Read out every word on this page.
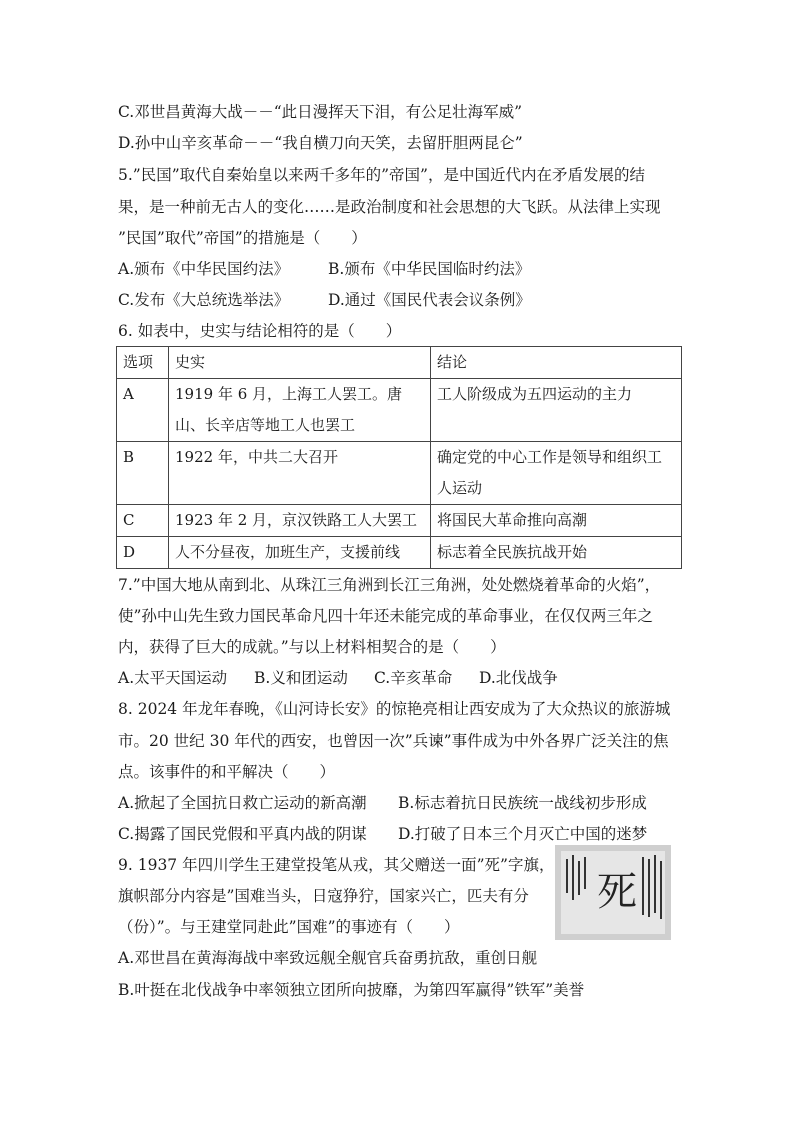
C.邓世昌黄海大战－－“此日漫挥天下泪，有公足壮海军威”
D.孙中山辛亥革命－－“我自横刀向天笑，去留肝胆两昆仑”
5.”民国”取代自秦始皇以来两千多年的”帝国”，是中国近代内在矛盾发展的结
果，是一种前无古人的变化……是政治制度和社会思想的大飞跃。从法律上实现
”民国”取代”帝国”的措施是（　　）
A.颁布《中华民国约法》	B.颁布《中华民国临时约法》
C.发布《大总统选举法》	D.通过《国民代表会议条例》
6. 如表中，史实与结论相符的是（　　）
选项	史实	结论
A	1919 年 6 月，上海工人罢工。唐山、长辛店等地工人也罢工	工人阶级成为五四运动的主力
B	1922 年，中共二大召开	确定党的中心工作是领导和组织工人运动
C	1923 年 2 月，京汉铁路工人大罢工	将国民大革命推向高潮
D	人不分昼夜，加班生产，支援前线	标志着全民族抗战开始
7.”中国大地从南到北、从珠江三角洲到长江三角洲，处处燃烧着革命的火焰”，
使”孙中山先生致力国民革命凡四十年还未能完成的革命事业，在仅仅两三年之
内，获得了巨大的成就。”与以上材料相契合的是（　　）
A.太平天国运动 B.义和团运动 C.辛亥革命 D.北伐战争
8. 2024 年龙年春晚，《山河诗长安》的惊艳亮相让西安成为了大众热议的旅游城
市。20 世纪 30 年代的西安，也曾因一次”兵谏”事件成为中外各界广泛关注的焦
点。该事件的和平解决（　　）
A.掀起了全国抗日救亡运动的新高潮 B.标志着抗日民族统一战线初步形成
C.揭露了国民党假和平真内战的阴谋 D.打破了日本三个月灭亡中国的迷梦
9. 1937 年四川学生王建堂投笔从戎，其父赠送一面”死”字旗，
旗帜部分内容是”国难当头，日寇狰狞，国家兴亡，匹夫有分
（份）”。与王建堂同赴此”国难”的事迹有（　　）
A.邓世昌在黄海海战中率致远舰全舰官兵奋勇抗敌，重创日舰
B.叶挺在北伐战争中率领独立团所向披靡，为第四军赢得”铁军”美誉
死
